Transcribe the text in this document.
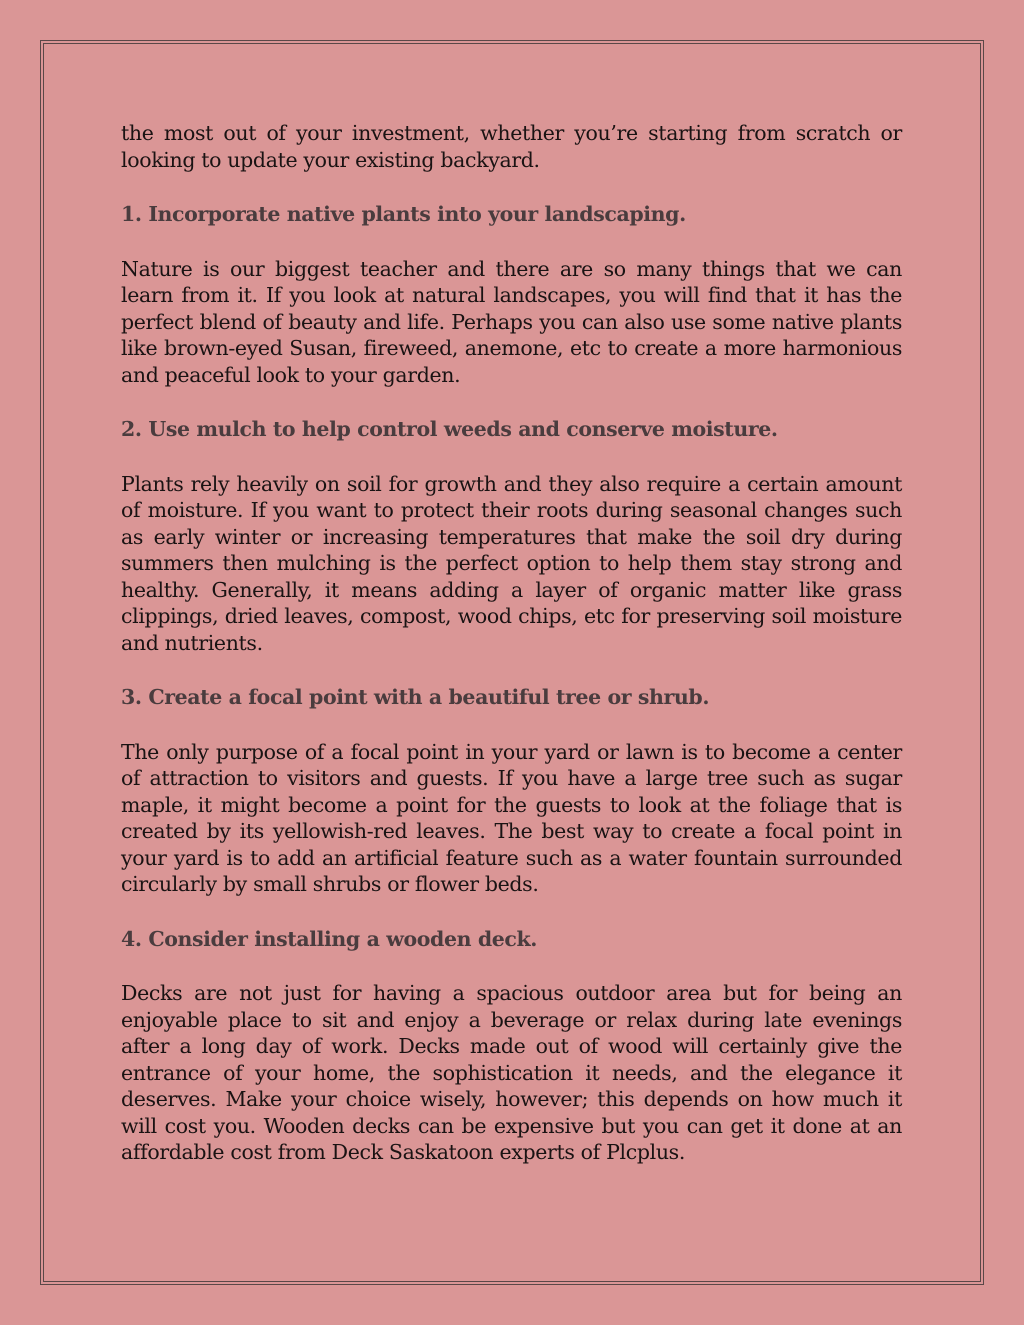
the most out of your investment, whether you’re starting from scratch or looking to update your existing backyard.

1. Incorporate native plants into your landscaping.

Nature is our biggest teacher and there are so many things that we can learn from it. If you look at natural landscapes, you will find that it has the perfect blend of beauty and life. Perhaps you can also use some native plants like brown-eyed Susan, fireweed, anemone, etc to create a more harmonious and peaceful look to your garden.

2. Use mulch to help control weeds and conserve moisture.

Plants rely heavily on soil for growth and they also require a certain amount of moisture. If you want to protect their roots during seasonal changes such as early winter or increasing temperatures that make the soil dry during summers then mulching is the perfect option to help them stay strong and healthy. Generally, it means adding a layer of organic matter like grass clippings, dried leaves, compost, wood chips, etc for preserving soil moisture and nutrients.

3. Create a focal point with a beautiful tree or shrub.

The only purpose of a focal point in your yard or lawn is to become a center of attraction to visitors and guests. If you have a large tree such as sugar maple, it might become a point for the guests to look at the foliage that is created by its yellowish-red leaves. The best way to create a focal point in your yard is to add an artificial feature such as a water fountain surrounded circularly by small shrubs or flower beds.

4. Consider installing a wooden deck.

Decks are not just for having a spacious outdoor area but for being an enjoyable place to sit and enjoy a beverage or relax during late evenings after a long day of work. Decks made out of wood will certainly give the entrance of your home, the sophistication it needs, and the elegance it deserves. Make your choice wisely, however; this depends on how much it will cost you. Wooden decks can be expensive but you can get it done at an affordable cost from Deck Saskatoon experts of Plcplus.
